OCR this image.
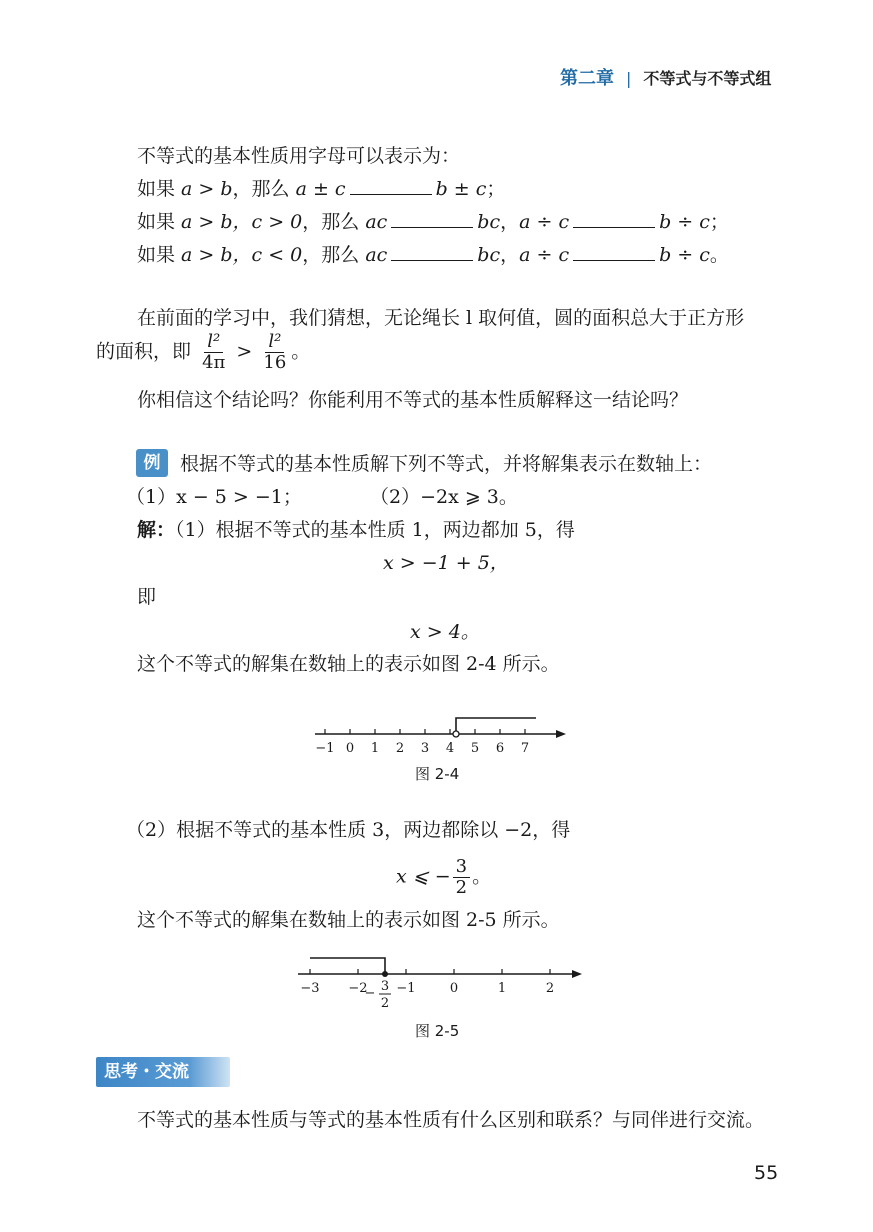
第二章 | 不等式与不等式组
不等式的基本性质用字母可以表示为：
如果 a > b，那么 a ± c	b ± c；
如果 a > b，c > 0，那么 ac	bc，a ÷ c	b ÷ c；
如果 a > b，c < 0，那么 ac	bc，a ÷ c	b ÷ c。
在前面的学习中，我们猜想，无论绳长 l 取何值，圆的面积总大于正方形
的面积，即 $\frac{\text{l²}}{4\pi} > \frac{\text{l²}}{16}$ 。
你相信这个结论吗？你能利用不等式的基本性质解释这一结论吗？
例	根据不等式的基本性质解下列不等式，并将解集表示在数轴上：
（1）x − 5 > −1；	（2）−2x ⩾ 3。
解：（1）根据不等式的基本性质 1，两边都加 5，得
x > −1 + 5，
即
x > 4。
这个不等式的解集在数轴上的表示如图 2-4 所示。
−1 0 1 2 3 4 5 6 7
图 2-4
（2）根据不等式的基本性质 3，两边都除以 −2，得
x ⩽ − $\frac{3}{2}$ 。
这个不等式的解集在数轴上的表示如图 2-5 所示。
−3 −2 −1	0	1	2
− 3
2
图 2-5
思考・交流
不等式的基本性质与等式的基本性质有什么区别和联系？与同伴进行交流。
55
